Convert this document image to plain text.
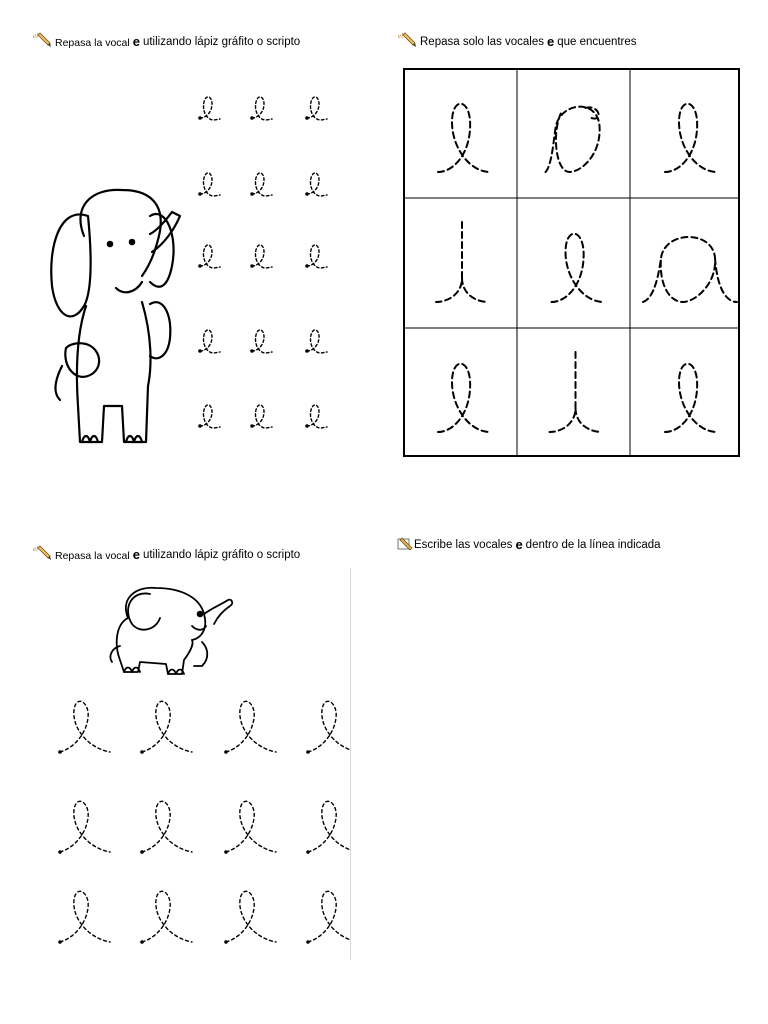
el
Repasa la vocal e utilizando lápiz gráfito o scripto	el Repasa solo las vocales e que encuentres
el
Repasa la vocal e utilizando lápiz gráfito o scripto
Escribe las vocales e dentro de la línea indicada
